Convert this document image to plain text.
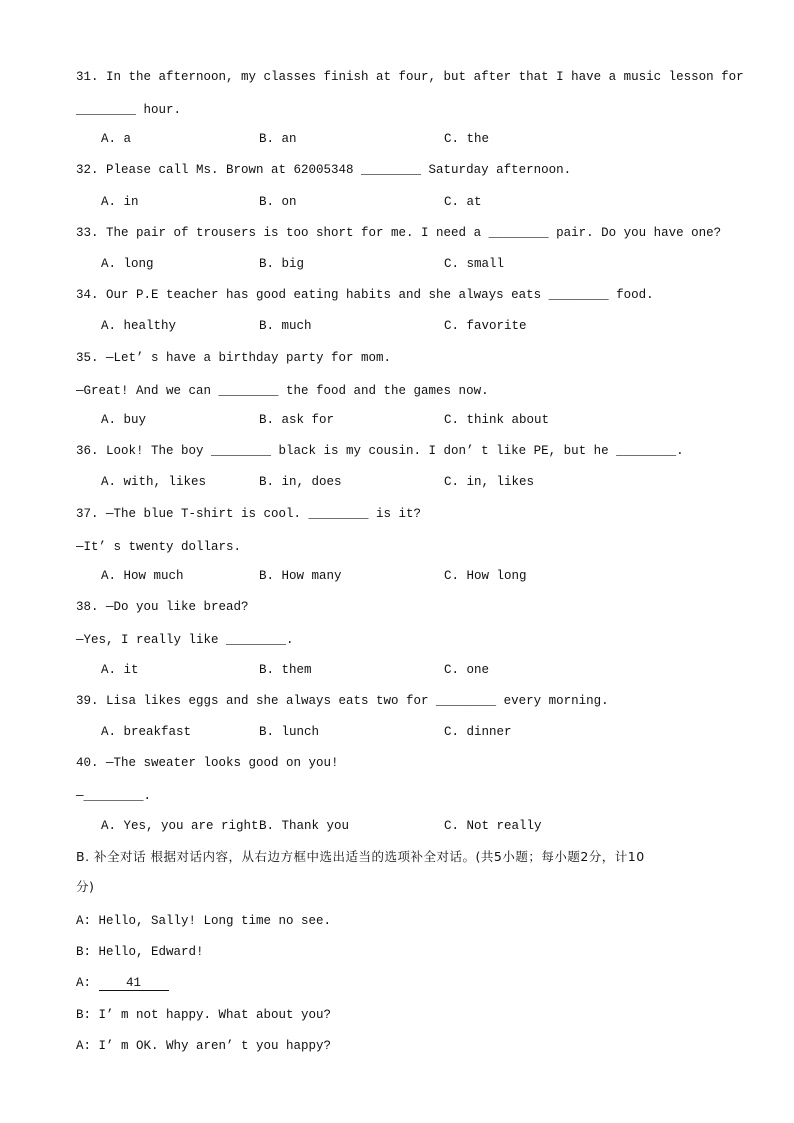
31. In the afternoon, my classes finish at four, but after that I have a music lesson for
________ hour.

A. a

	B. an

	C. the

32. Please call Ms. Brown at 62005348 ________ Saturday afternoon.

A. in

	B. on

	C. at

33. The pair of trousers is too short for me. I need a ________ pair. Do you have one?

A. long

	B. big

	C. small

34. Our P.E teacher has good eating habits and she always eats ________ food.

A. healthy

	B. much

	C. favorite

35. —Let’ s have a birthday party for mom.
—Great! And we can ________ the food and the games now.

A. buy

	B. ask for

	C. think about

36. Look! The boy ________ black is my cousin. I don’ t like PE, but he ________.

A. with, likes

	B. in, does

	C. in, likes

37. —The blue T-shirt is cool. ________ is it?
—It’ s twenty dollars.

A. How much

	B. How many

	C. How long

38. —Do you like bread?
—Yes, I really like ________.

A. it

	B. them

	C. one

39. Lisa likes eggs and she always eats two for ________ every morning.

A. breakfast

	B. lunch

	C. dinner

40. —The sweater looks good on you!
—________.

A. Yes, you are right

B. Thank you

	C. Not really

B. 补全对话 根据对话内容，从右边方框中选出适当的选项补全对话。(共5小题；每小题2分，计10
分)
A: Hello, Sally! Long time no see.
B: Hello, Edward!
A: 41
B: I’ m not happy. What about you?
A: I’ m OK. Why aren’ t you happy?
